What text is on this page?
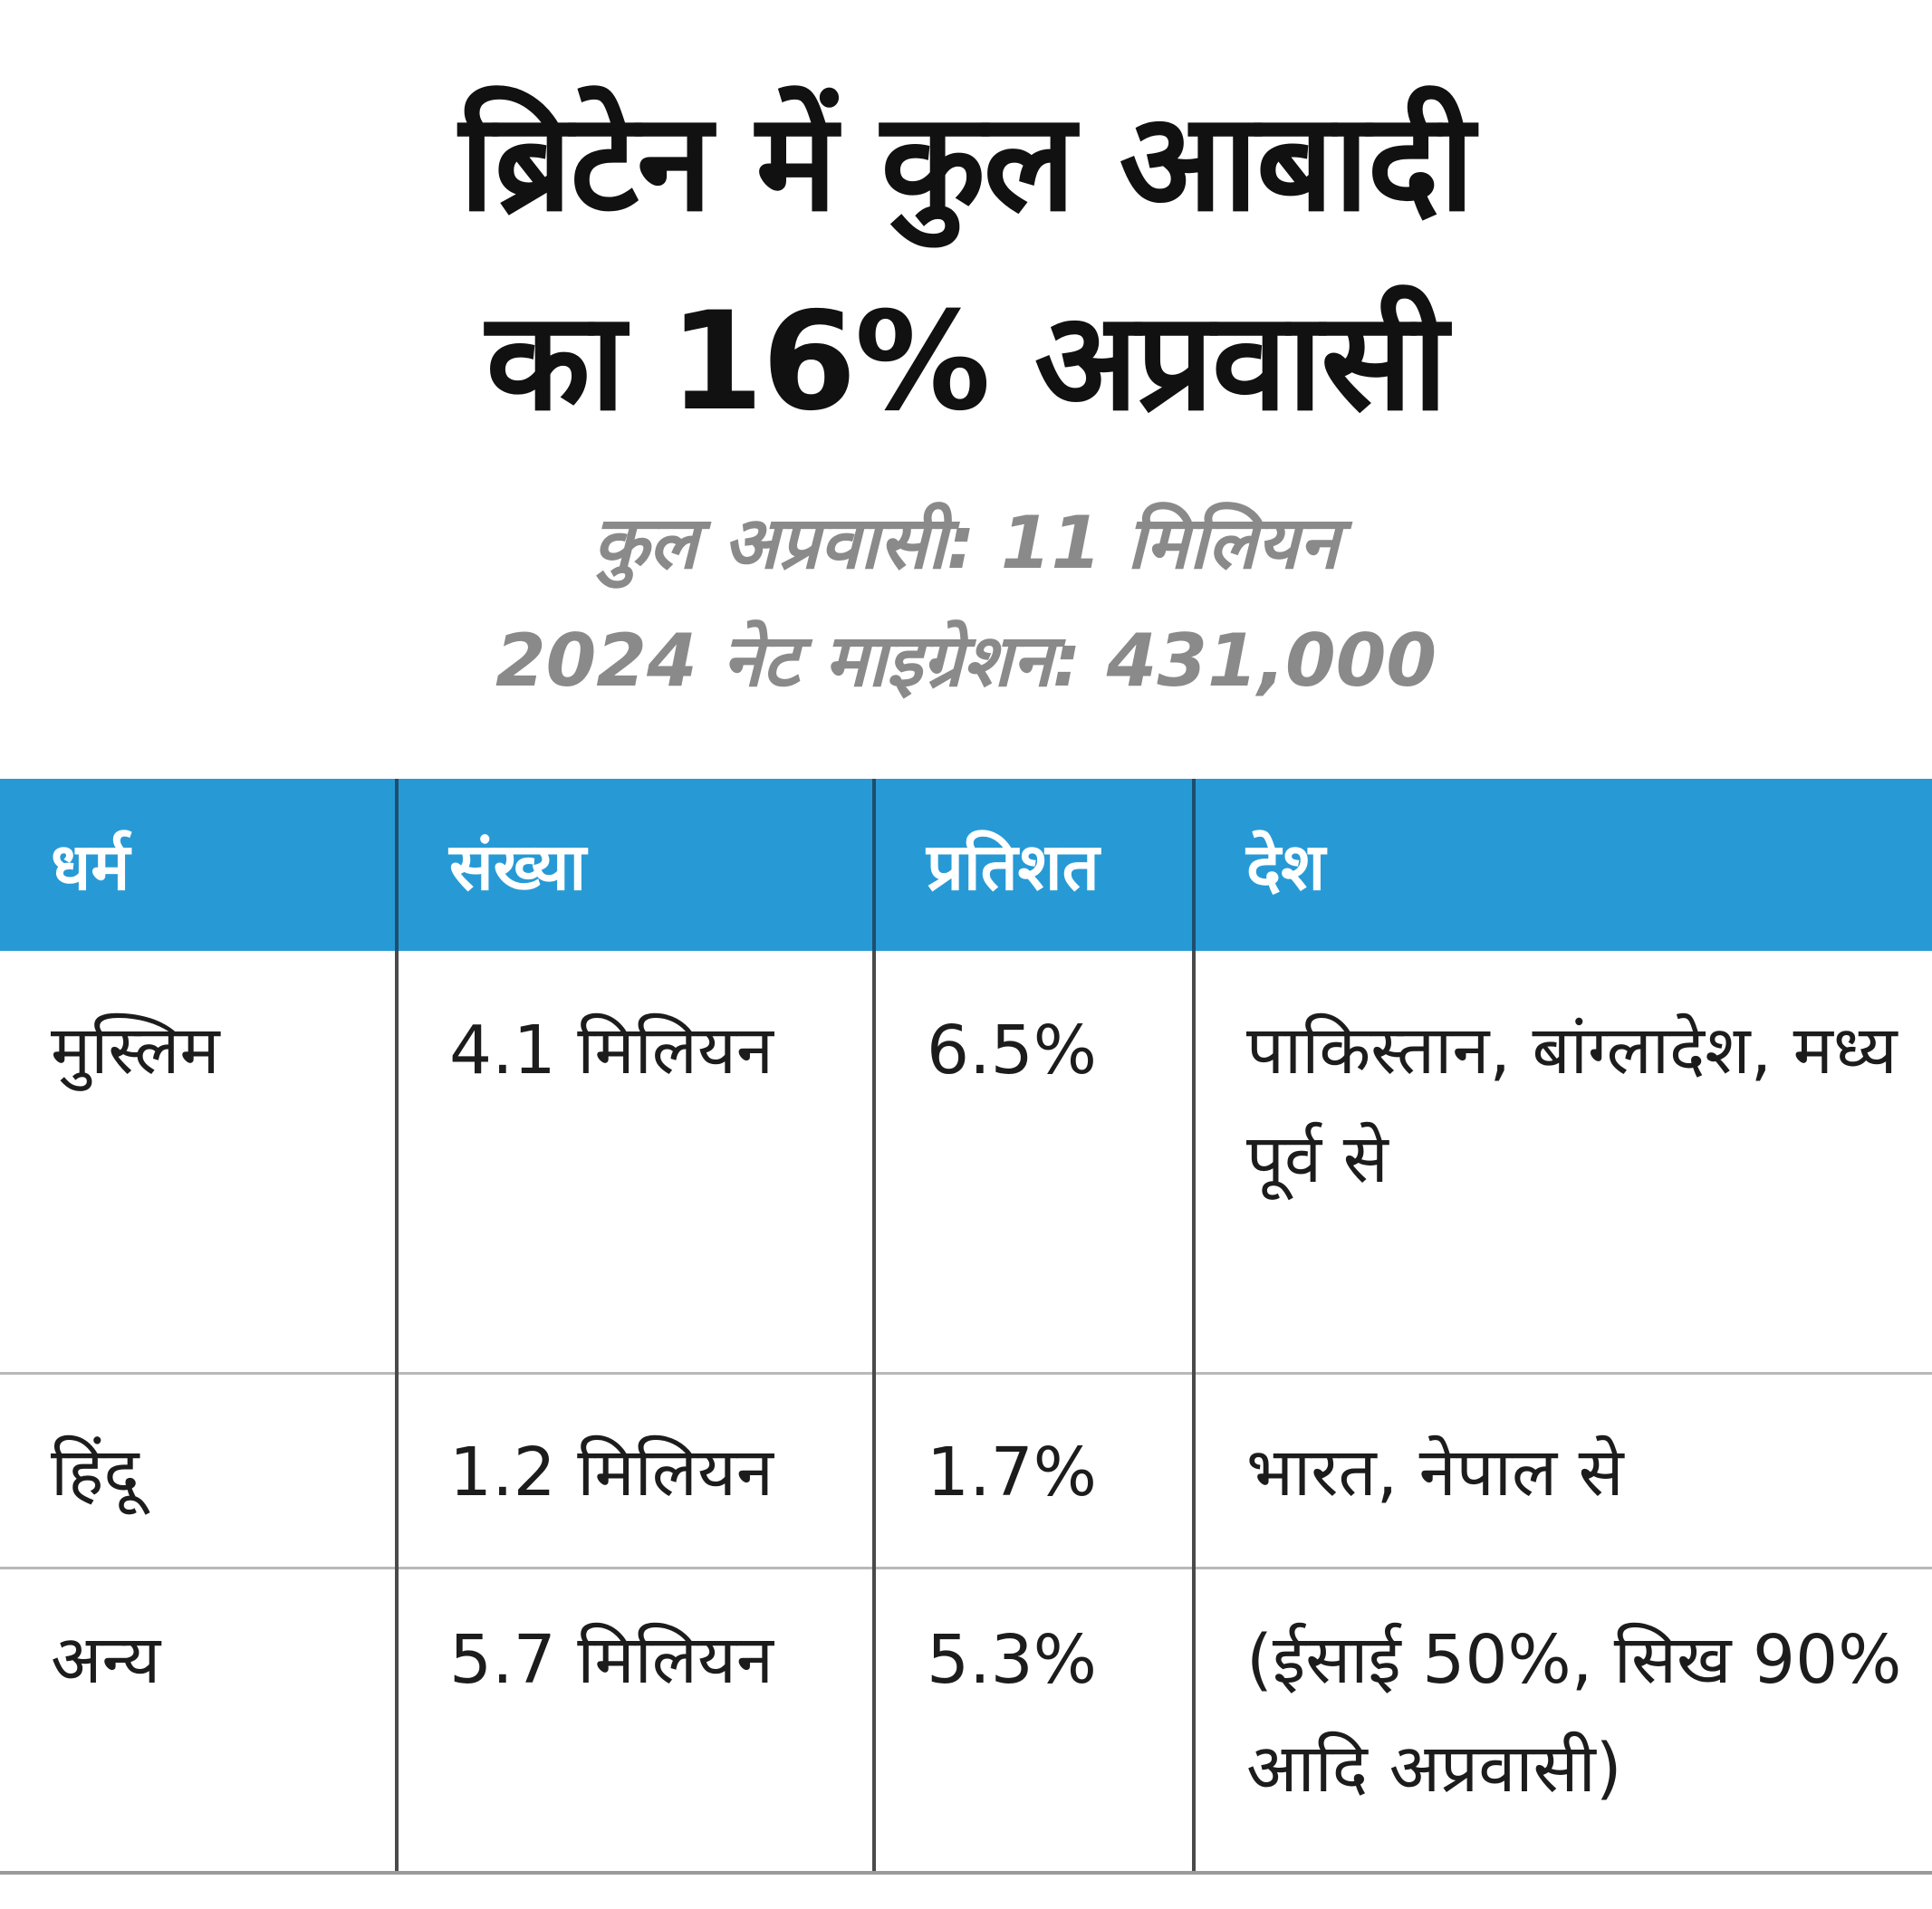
ब्रिटेन में कुल आबादी
का 16% अप्रवासी
कुल अप्रवासी: 11 मिलियन
2024 नेट माइग्रेशन: 431,000
धर्म	संख्या	प्रतिशत	देश
मुस्लिम	4.1 मिलियन	6.5%	पाकिस्तान, बांग्लादेश, मध्य पूर्व से
हिंदू	1.2 मिलियन	1.7%	भारत, नेपाल से
अन्य	5.7 मिलियन	5.3%	(ईसाई 50%, सिख 90% आदि अप्रवासी)
